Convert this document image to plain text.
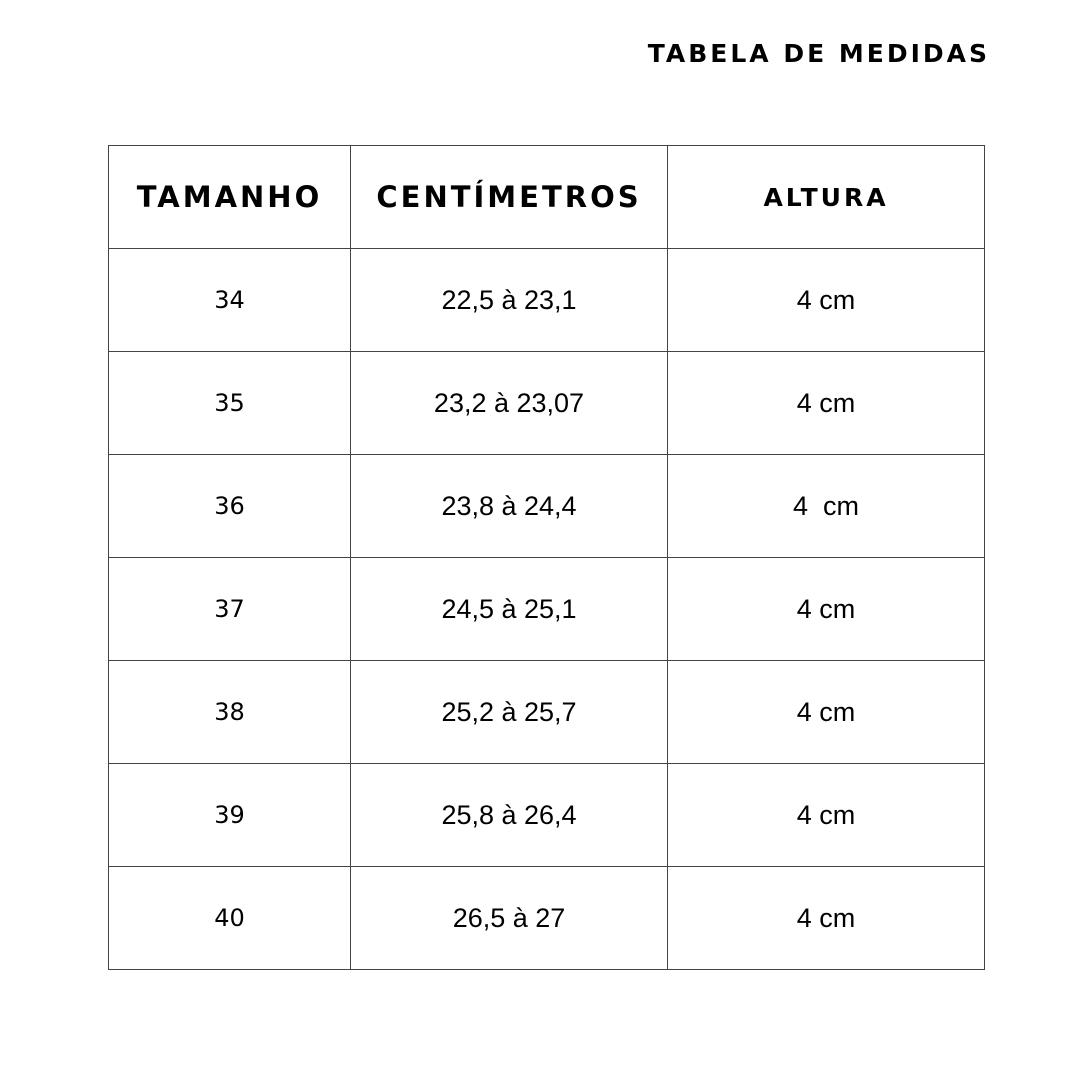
TABELA DE MEDIDAS
TAMANHO	CENTÍMETROS	ALTURA
34	22,5 à 23,1	4 cm
35	23,2 à 23,07	4 cm
36	23,8 à 24,4	4  cm
37	24,5 à 25,1	4 cm
38	25,2 à 25,7	4 cm
39	25,8 à 26,4	4 cm
40	26,5 à 27	4 cm
